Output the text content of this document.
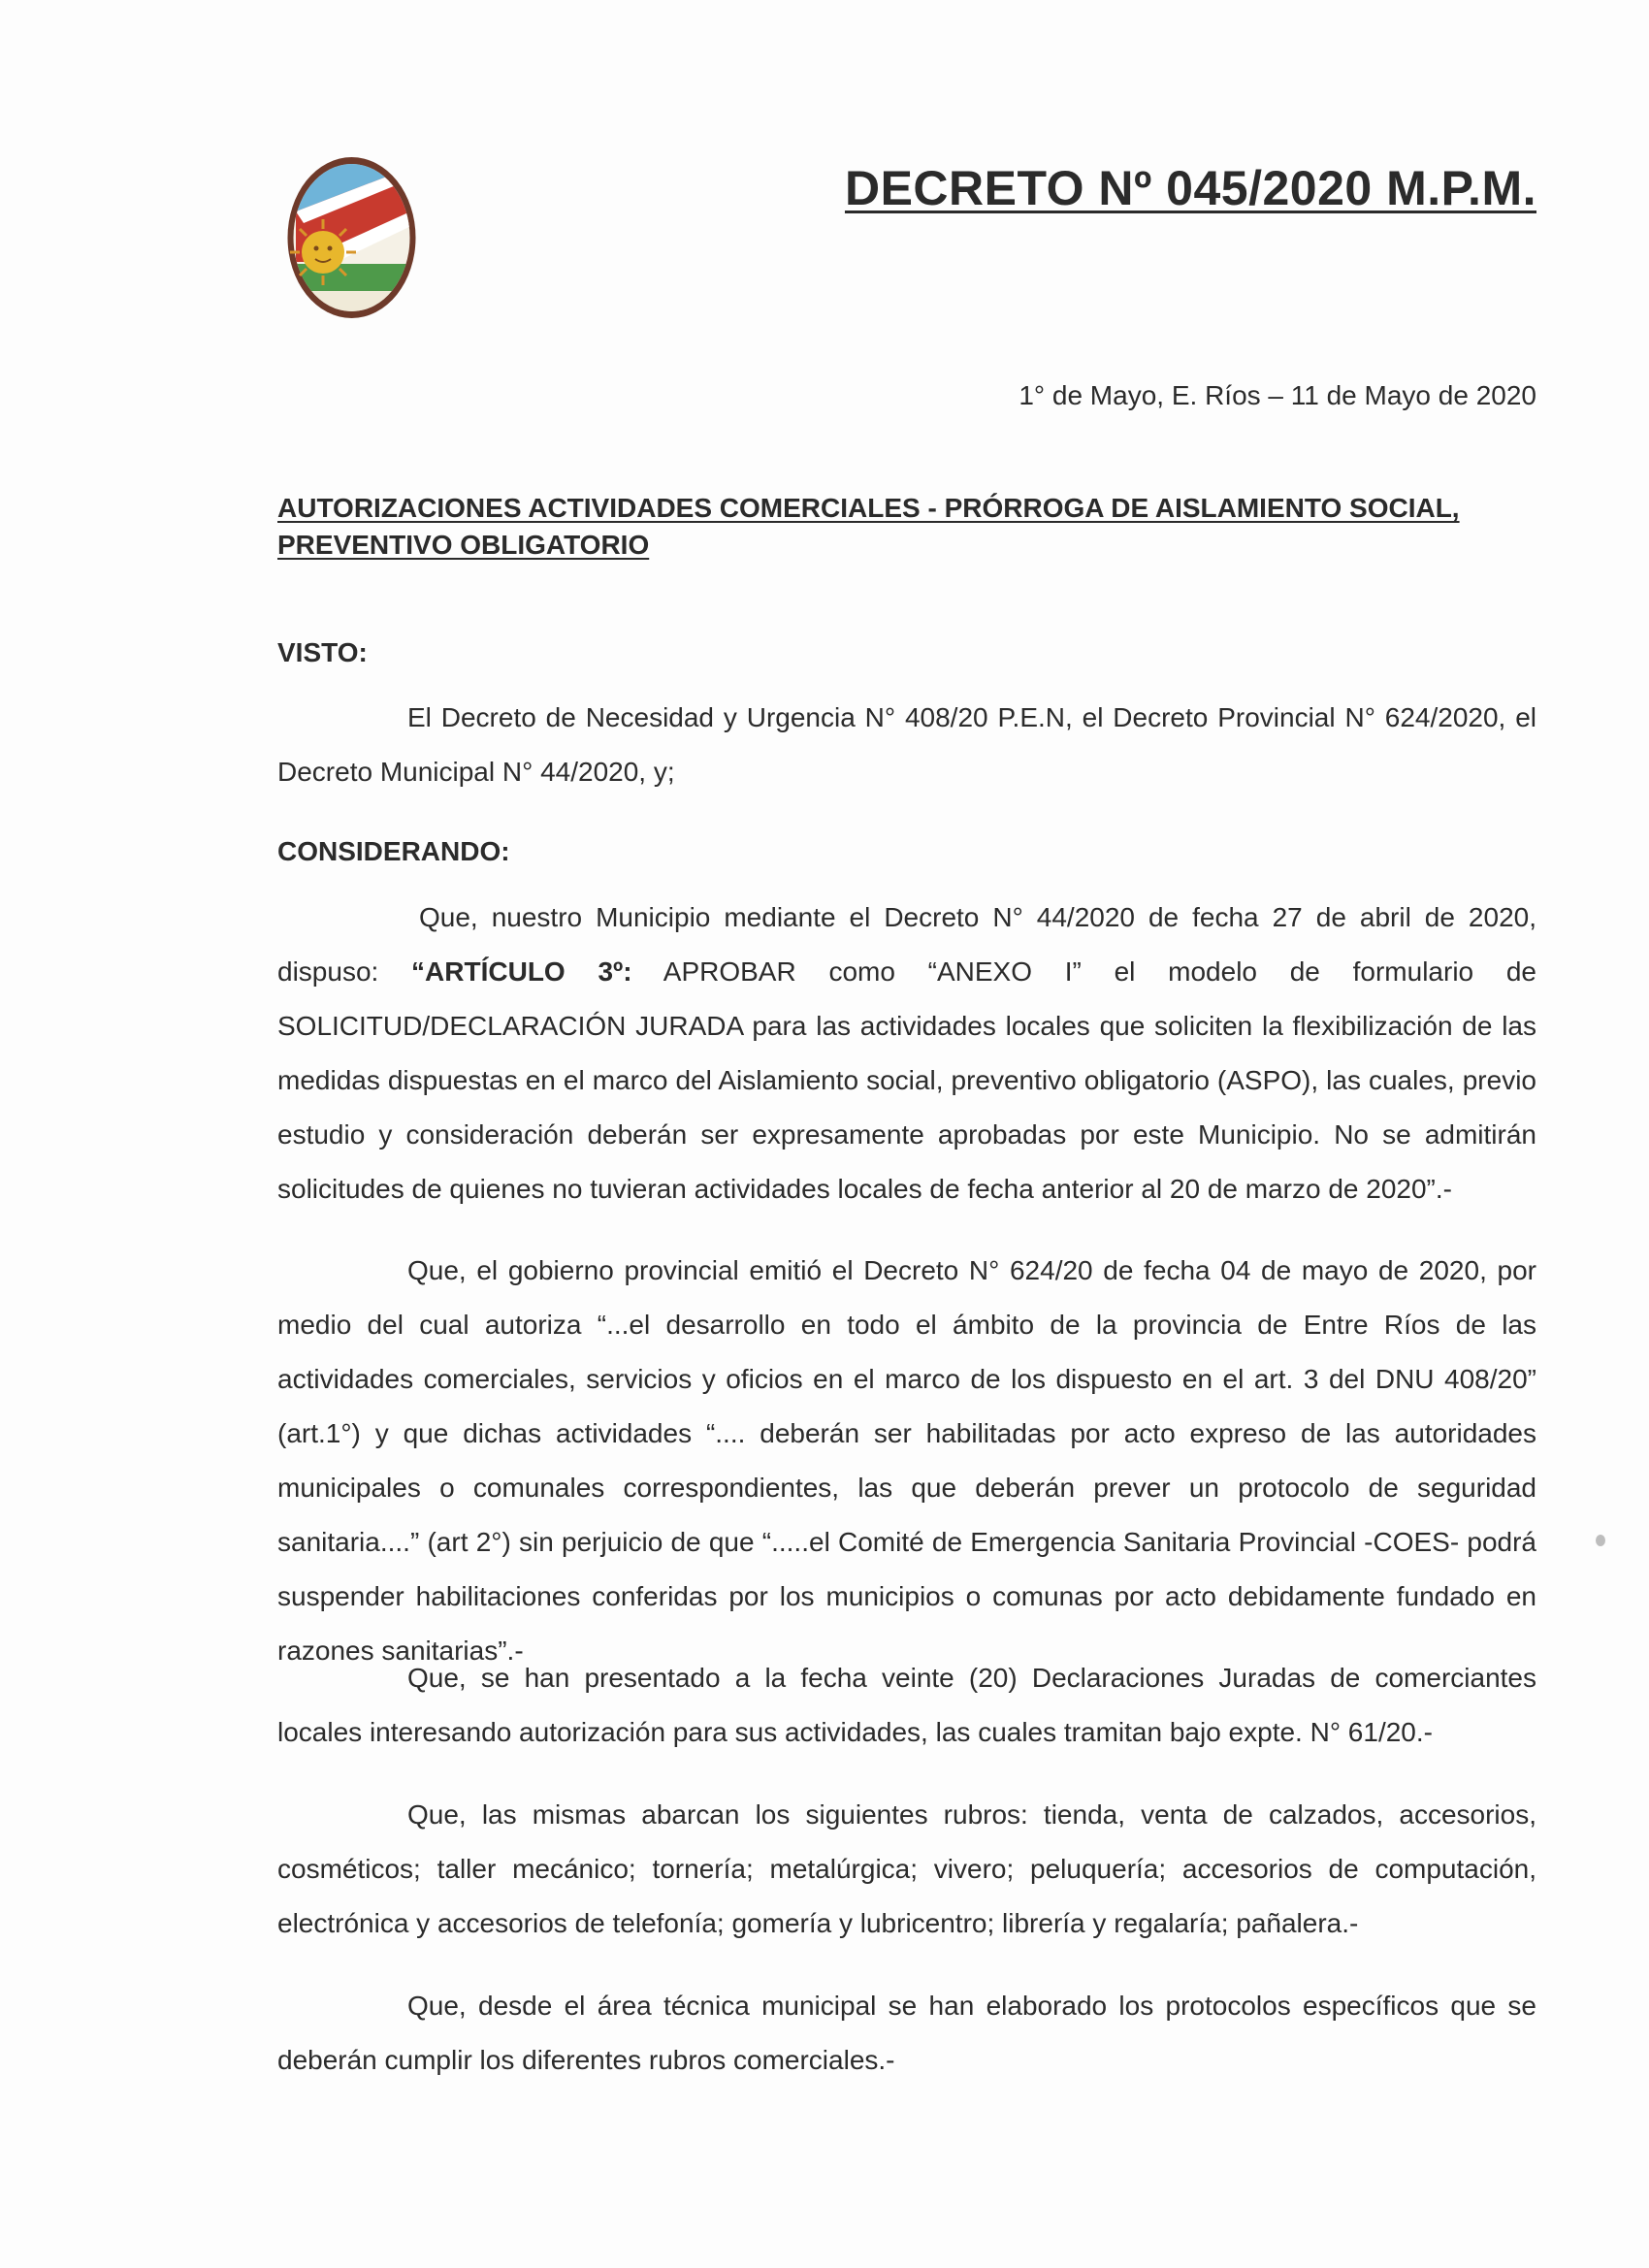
DECRETO Nº 045/2020 M.P.M.
1° de Mayo, E. Ríos – 11 de Mayo de 2020
AUTORIZACIONES ACTIVIDADES COMERCIALES - PRÓRROGA DE AISLAMIENTO SOCIAL, PREVENTIVO OBLIGATORIO
VISTO:
El Decreto de Necesidad y Urgencia N° 408/20 P.E.N, el Decreto Provincial N° 624/2020, el Decreto Municipal N° 44/2020, y;
CONSIDERANDO:
Que, nuestro Municipio mediante el Decreto N° 44/2020 de fecha 27 de abril de 2020, dispuso: “ARTÍCULO 3º: APROBAR como “ANEXO I” el modelo de formulario de SOLICITUD/DECLARACIÓN JURADA para las actividades locales que soliciten la flexibilización de las medidas dispuestas en el marco del Aislamiento social, preventivo obligatorio (ASPO), las cuales, previo estudio y consideración deberán ser expresamente aprobadas por este Municipio. No se admitirán solicitudes de quienes no tuvieran actividades locales de fecha anterior al 20 de marzo de 2020”.-
Que, el gobierno provincial emitió el Decreto N° 624/20 de fecha 04 de mayo de 2020, por medio del cual autoriza “...el desarrollo en todo el ámbito de la provincia de Entre Ríos de las actividades comerciales, servicios y oficios en el marco de los dispuesto en el art. 3 del DNU 408/20” (art.1°) y que dichas actividades “.... deberán ser habilitadas por acto expreso de las autoridades municipales o comunales correspondientes, las que deberán prever un protocolo de seguridad sanitaria....” (art 2°) sin perjuicio de que “.....el Comité de Emergencia Sanitaria Provincial -COES- podrá suspender habilitaciones conferidas por los municipios o comunas por acto debidamente fundado en razones sanitarias”.-
Que, se han presentado a la fecha veinte (20) Declaraciones Juradas de comerciantes locales interesando autorización para sus actividades, las cuales tramitan bajo expte. N° 61/20.-
Que, las mismas abarcan los siguientes rubros: tienda, venta de calzados, accesorios, cosméticos; taller mecánico; tornería; metalúrgica; vivero; peluquería; accesorios de computación, electrónica y accesorios de telefonía; gomería y lubricentro; librería y regalaría; pañalera.-
Que, desde el área técnica municipal se han elaborado los protocolos específicos que se deberán cumplir los diferentes rubros comerciales.-
